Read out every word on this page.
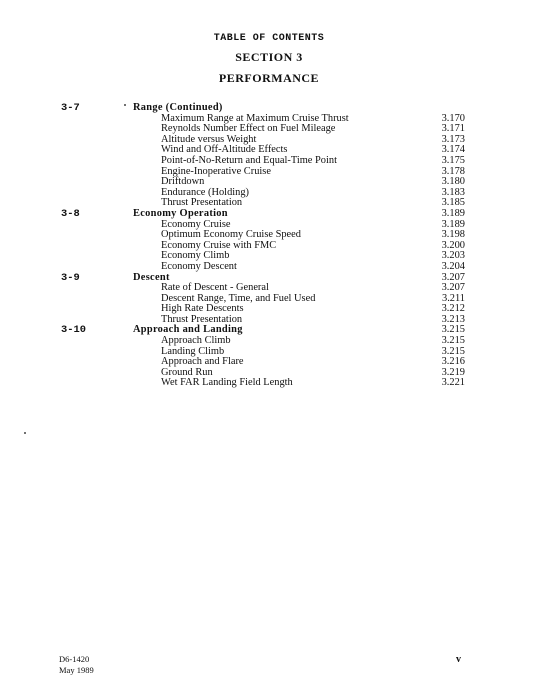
TABLE OF CONTENTS
SECTION 3
PERFORMANCE
3-7	Range (Continued)
Maximum Range at Maximum Cruise Thrust	3.170
Reynolds Number Effect on Fuel Mileage	3.171
Altitude versus Weight	3.173
Wind and Off-Altitude Effects	3.174
Point-of-No-Return and Equal-Time Point	3.175
Engine-Inoperative Cruise	3.178
Driftdown	3.180
Endurance (Holding)	3.183
Thrust Presentation	3.185
3-8	Economy Operation	3.189
Economy Cruise	3.189
Optimum Economy Cruise Speed	3.198
Economy Cruise with FMC	3.200
Economy Climb	3.203
Economy Descent	3.204
3-9	Descent	3.207
Rate of Descent - General	3.207
Descent Range, Time, and Fuel Used	3.211
High Rate Descents	3.212
Thrust Presentation	3.213
3-10	Approach and Landing	3.215
Approach Climb	3.215
Landing Climb	3.215
Approach and Flare	3.216
Ground Run	3.219
Wet FAR Landing Field Length	3.221
D6-1420
May 1989
v
